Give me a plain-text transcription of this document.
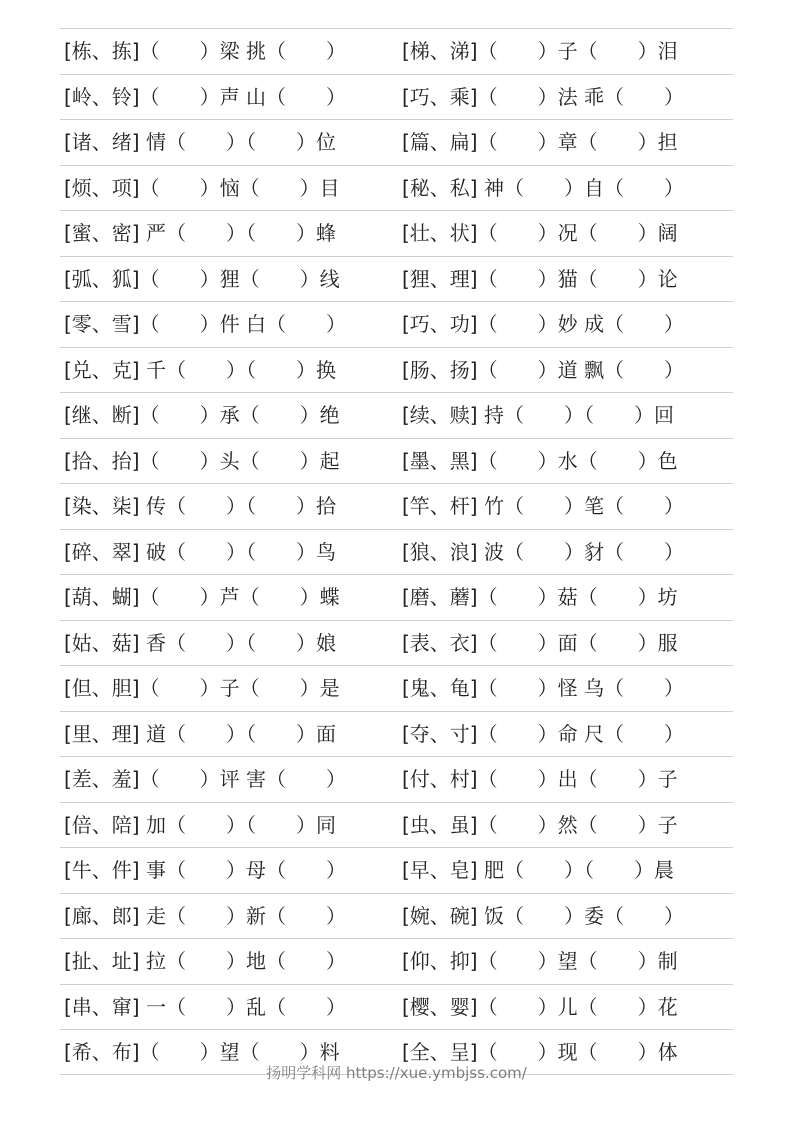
[栋、拣]（　　）梁 挑（　　）	[梯、涕]（　　）子（　　）泪
[岭、铃]（　　）声 山（　　）	[巧、乘]（　　）法 乖（　　）
[诸、绪] 情（　　）（　　）位	[篇、扁]（　　）章（　　）担
[烦、项]（　　）恼（　　）目	[秘、私] 神（　　）自（　　）
[蜜、密] 严（　　）（　　）蜂	[壮、状]（　　）况（　　）阔
[弧、狐]（　　）狸（　　）线	[狸、理]（　　）猫（　　）论
[零、雪]（　　）件 白（　　）	[巧、功]（　　）妙 成（　　）
[兑、克] 千（　　）（　　）换	[肠、扬]（　　）道 飘（　　）
[继、断]（　　）承（　　）绝	[续、赎] 持（　　）（　　）回
[拾、抬]（　　）头（　　）起	[墨、黑]（　　）水（　　）色
[染、柒] 传（　　）（　　）拾	[竿、杆] 竹（　　）笔（　　）
[碎、翠] 破（　　）（　　）鸟	[狼、浪] 波（　　）豺（　　）
[葫、蝴]（　　）芦（　　）蝶	[磨、蘑]（　　）菇（　　）坊
[姑、菇] 香（　　）（　　）娘	[表、衣]（　　）面（　　）服
[但、胆]（　　）子（　　）是	[鬼、龟]（　　）怪 乌（　　）
[里、理] 道（　　）（　　）面	[夺、寸]（　　）命 尺（　　）
[差、羞]（　　）评 害（　　）	[付、村]（　　）出（　　）子
[倍、陪] 加（　　）（　　）同	[虫、虽]（　　）然（　　）子
[牛、件] 事（　　）母（　　）	[早、皂] 肥（　　）（　　）晨
[廊、郎] 走（　　）新（　　）	[婉、碗] 饭（　　）委（　　）
[扯、址] 拉（　　）地（　　）	[仰、抑]（　　）望（　　）制
[串、窜] 一（　　）乱（　　）	[樱、婴]（　　）儿（　　）花
[希、布]（　　）望（　　）料	[全、呈]（　　）现（　　）体
扬明学科网 https://xue.ymbjss.com/
